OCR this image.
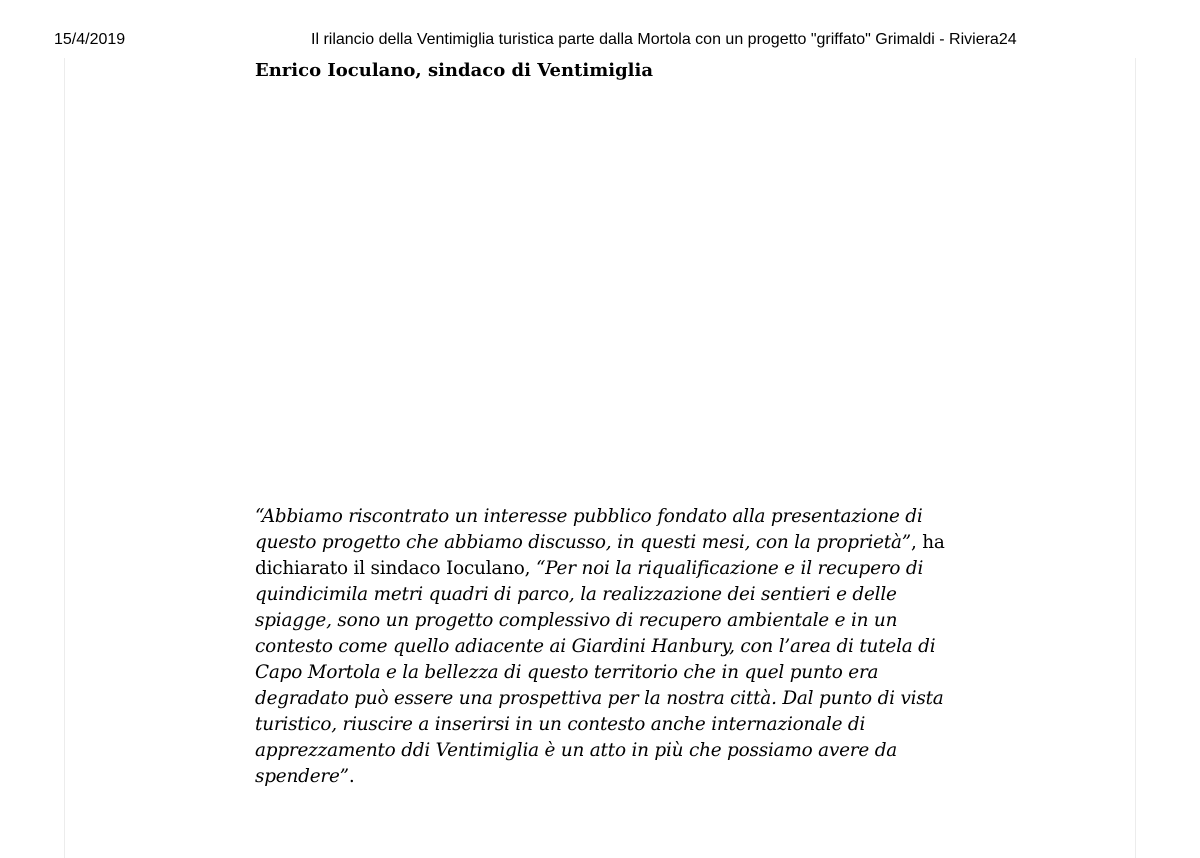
15/4/2019	Il rilancio della Ventimiglia turistica parte dalla Mortola con un progetto "griffato" Grimaldi - Riviera24
Enrico Ioculano, sindaco di Ventimiglia

“Abbiamo riscontrato un interesse pubblico fondato alla presentazione di questo progetto che abbiamo discusso, in questi mesi, con la proprietà”, ha dichiarato il sindaco Ioculano, “Per noi la riqualificazione e il recupero di quindicimila metri quadri di parco, la realizzazione dei sentieri e delle spiagge, sono un progetto complessivo di recupero ambientale e in un contesto come quello adiacente ai Giardini Hanbury, con l’area di tutela di Capo Mortola e la bellezza di questo territorio che in quel punto era degradato può essere una prospettiva per la nostra città. Dal punto di vista turistico, riuscire a inserirsi in un contesto anche internazionale di apprezzamento ddi Ventimiglia è un atto in più che possiamo avere da spendere”.
